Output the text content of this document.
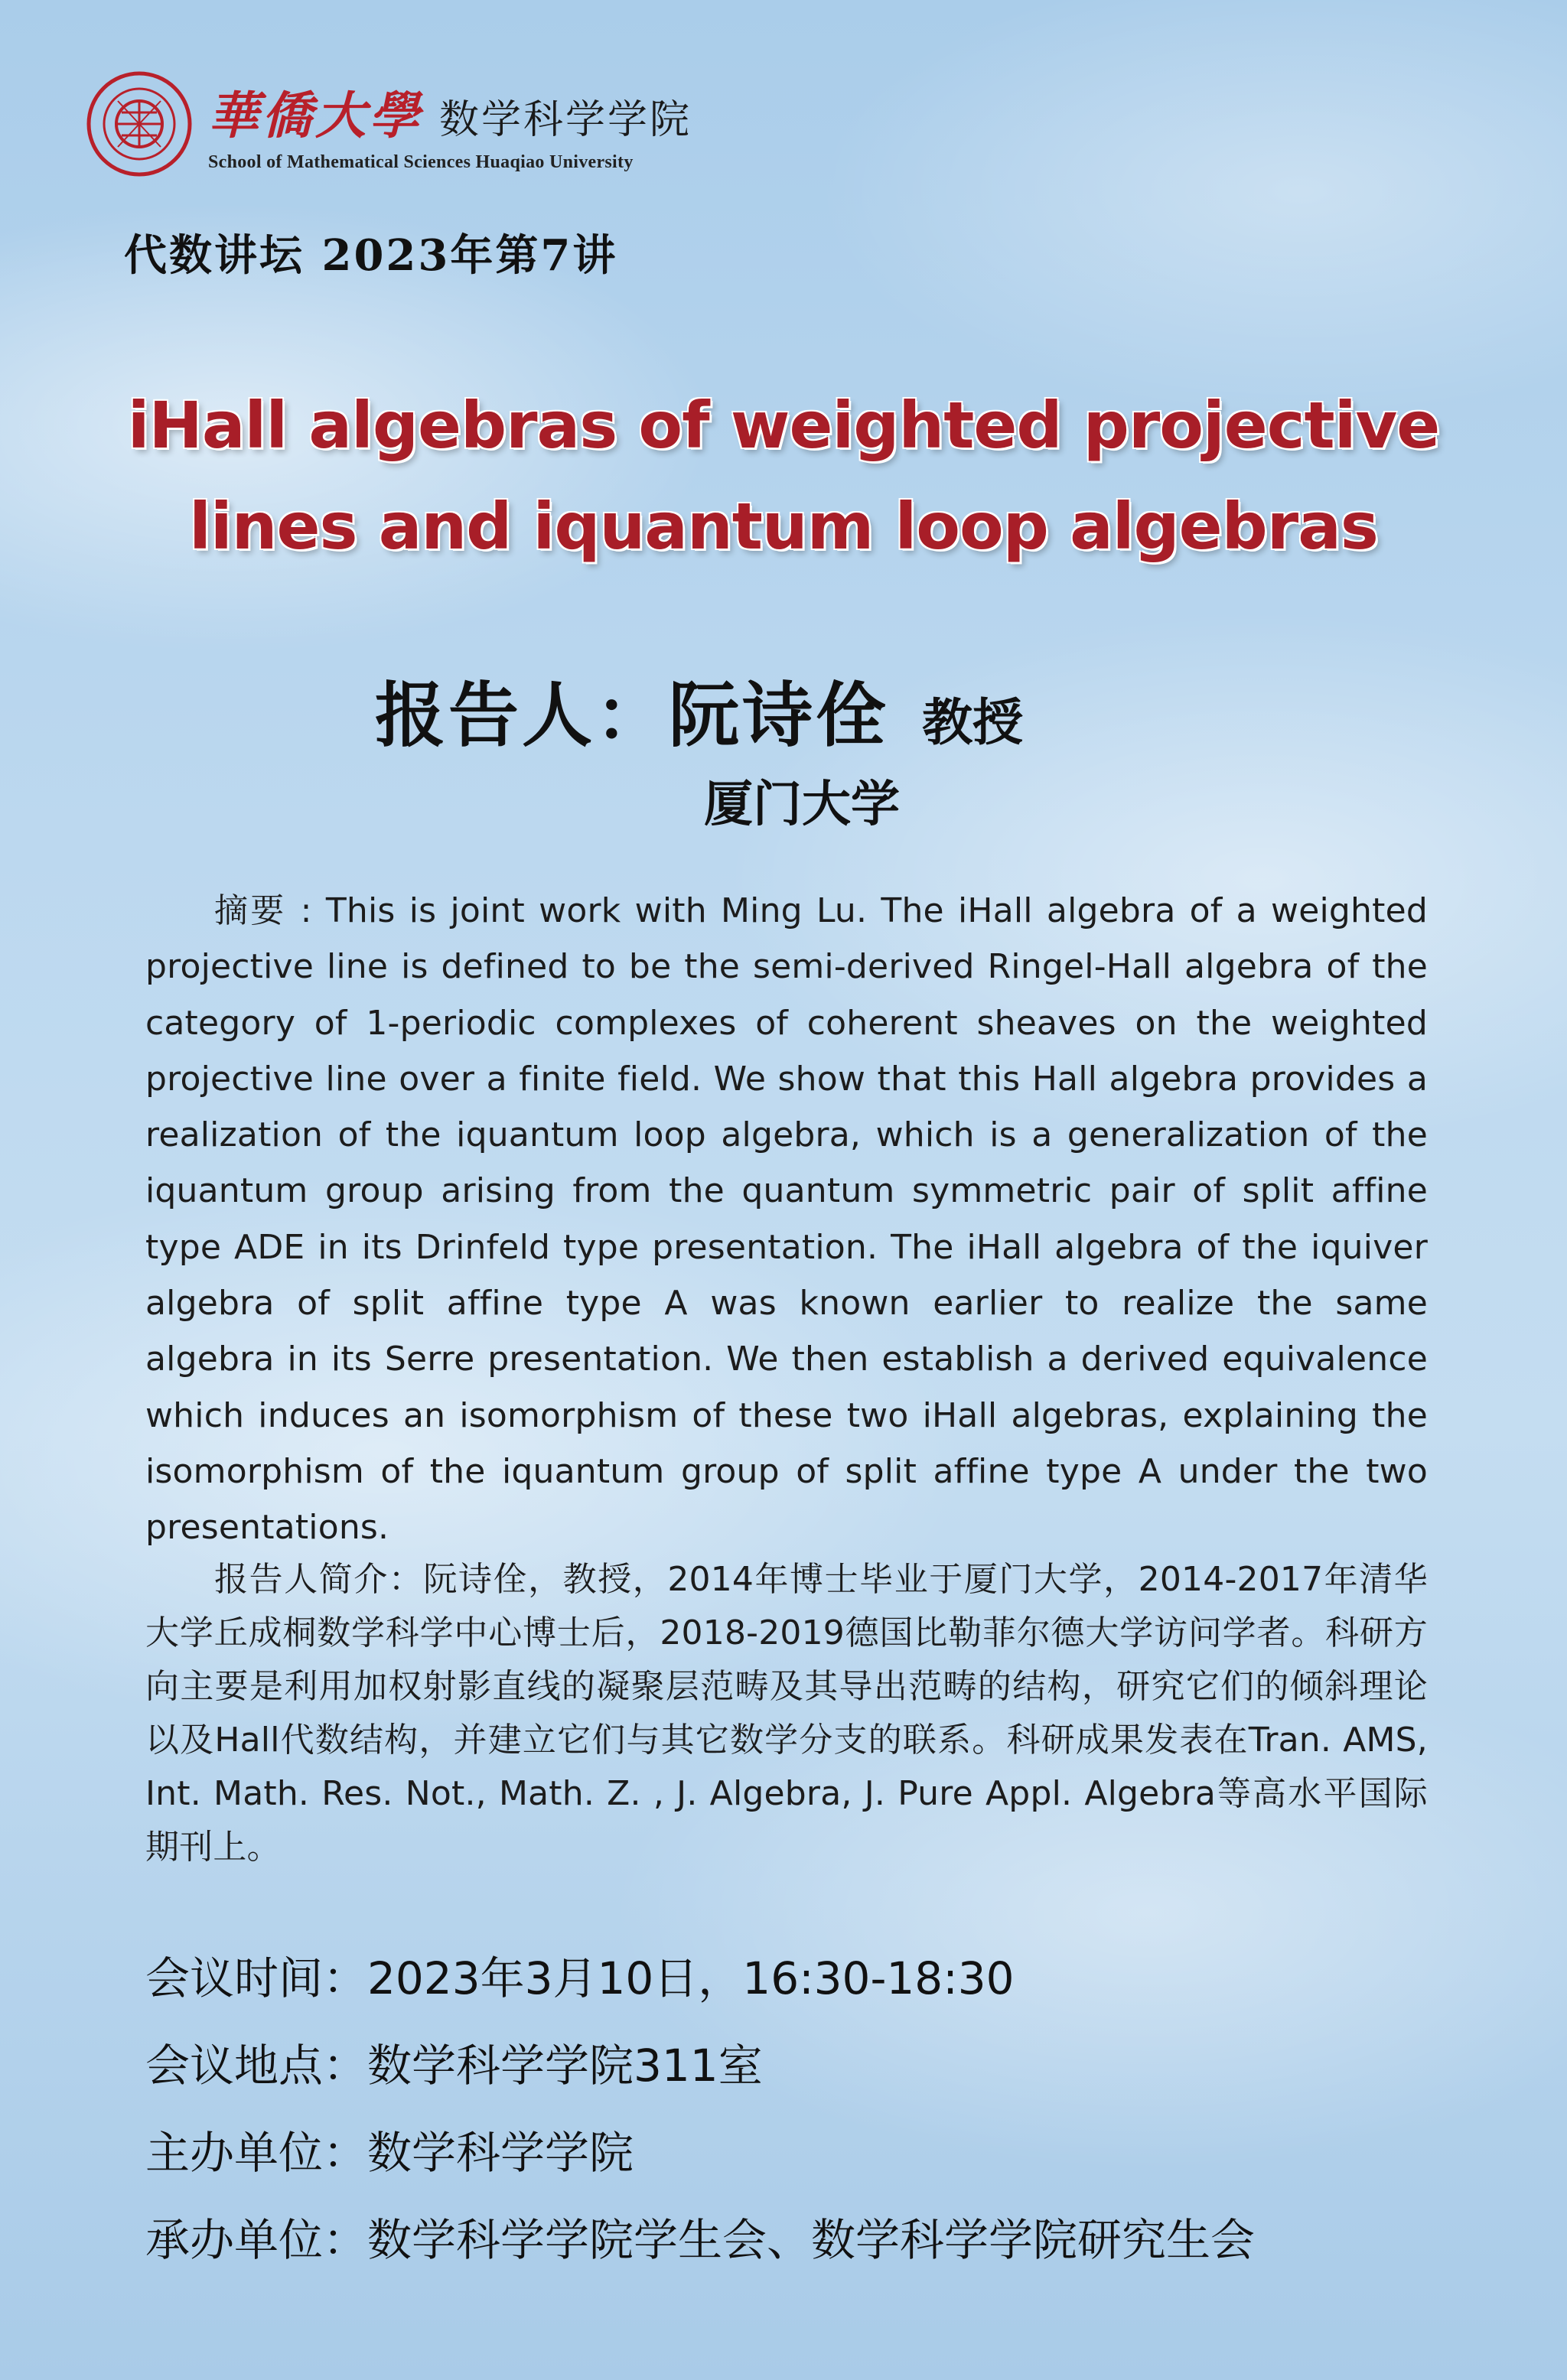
華僑大學 数学科学学院
School of Mathematical Sciences Huaqiao University
代数讲坛 2023年第7讲
iHall algebras of weighted projective
lines and iquantum loop algebras
报告人：阮诗佺 教授
厦门大学

摘要 : This is joint work with Ming Lu. The iHall algebra of a weighted projective line is defined to be the semi-derived Ringel-Hall algebra of the category of 1-periodic complexes of coherent sheaves on the weighted projective line over a finite field. We show that this Hall algebra provides a realization of the iquantum loop algebra, which is a generalization of the iquantum group arising from the quantum symmetric pair of split affine type ADE in its Drinfeld type presentation. The iHall algebra of the iquiver algebra of split affine type A was known earlier to realize the same algebra in its Serre presentation. We then establish a derived equivalence which induces an isomorphism of these two iHall algebras, explaining the isomorphism of the iquantum group of split affine type A under the two presentations.

报告人简介：阮诗佺，教授，2014年博士毕业于厦门大学，2014-2017年清华大学丘成桐数学科学中心博士后，2018-2019德国比勒菲尔德大学访问学者。科研方向主要是利用加权射影直线的凝聚层范畴及其导出范畴的结构，研究它们的倾斜理论以及Hall代数结构，并建立它们与其它数学分支的联系。科研成果发表在Tran. AMS, Int. Math. Res. Not., Math. Z. , J. Algebra, J. Pure Appl. Algebra等高水平国际期刊上。

会议时间：2023年3月10日，16:30-18:30
会议地点：数学科学学院311室
主办单位：数学科学学院
承办单位：数学科学学院学生会、数学科学学院研究生会
